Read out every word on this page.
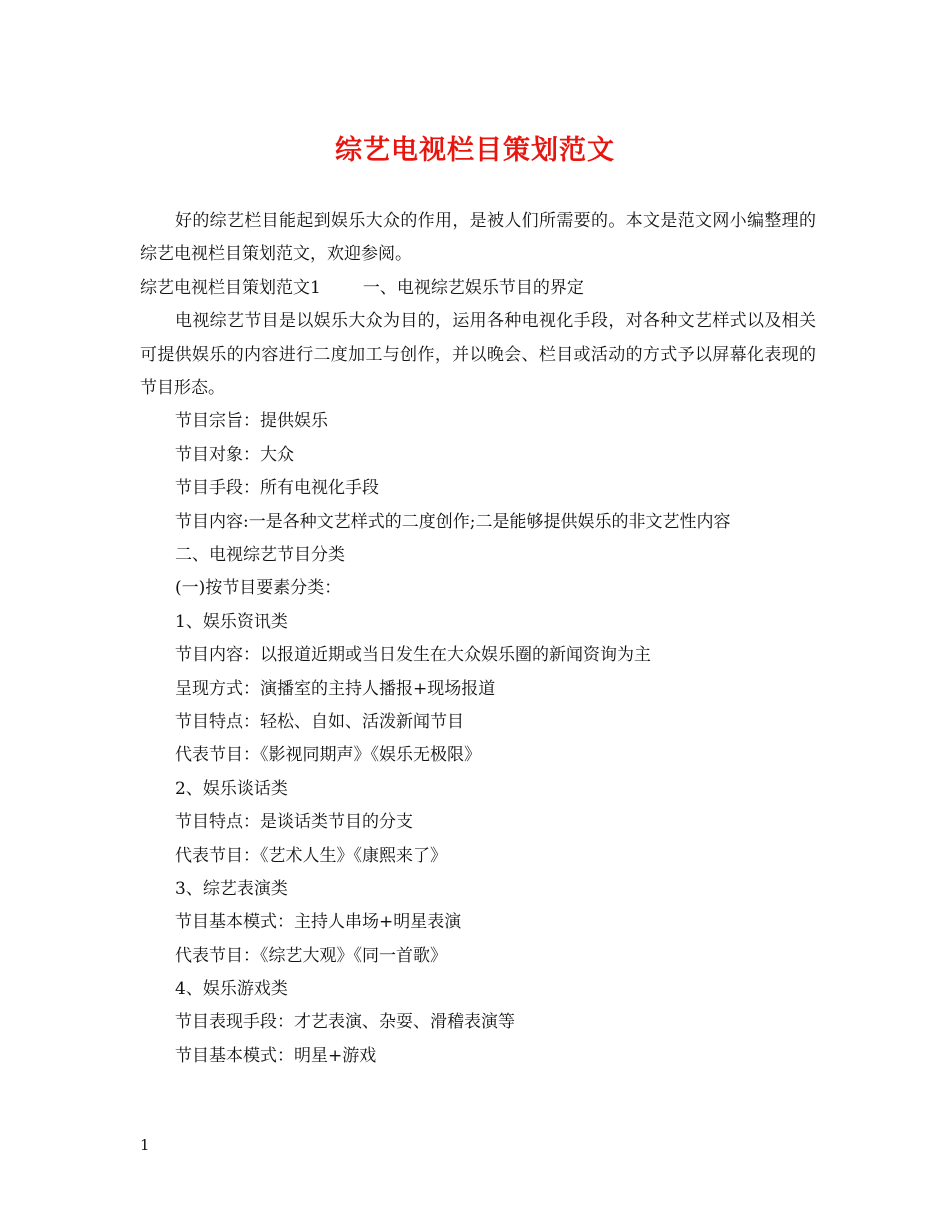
综艺电视栏目策划范文

好的综艺栏目能起到娱乐大众的作用，是被人们所需要的。本文是范文网小编整理的综艺电视栏目策划范文，欢迎参阅。

综艺电视栏目策划范文1 一、电视综艺娱乐节目的界定

电视综艺节目是以娱乐大众为目的，运用各种电视化手段，对各种文艺样式以及相关可提供娱乐的内容进行二度加工与创作，并以晚会、栏目或活动的方式予以屏幕化表现的节目形态。

节目宗旨：提供娱乐
节目对象：大众
节目手段：所有电视化手段
节目内容:一是各种文艺样式的二度创作;二是能够提供娱乐的非文艺性内容
二、电视综艺节目分类
(一)按节目要素分类：
1、娱乐资讯类
节目内容：以报道近期或当日发生在大众娱乐圈的新闻资询为主
呈现方式：演播室的主持人播报+现场报道
节目特点：轻松、自如、活泼新闻节目
代表节目：《影视同期声》《娱乐无极限》
2、娱乐谈话类
节目特点：是谈话类节目的分支
代表节目：《艺术人生》《康熙来了》
3、综艺表演类
节目基本模式：主持人串场+明星表演
代表节目：《综艺大观》《同一首歌》
4、娱乐游戏类
节目表现手段：才艺表演、杂耍、滑稽表演等
节目基本模式：明星+游戏
1
